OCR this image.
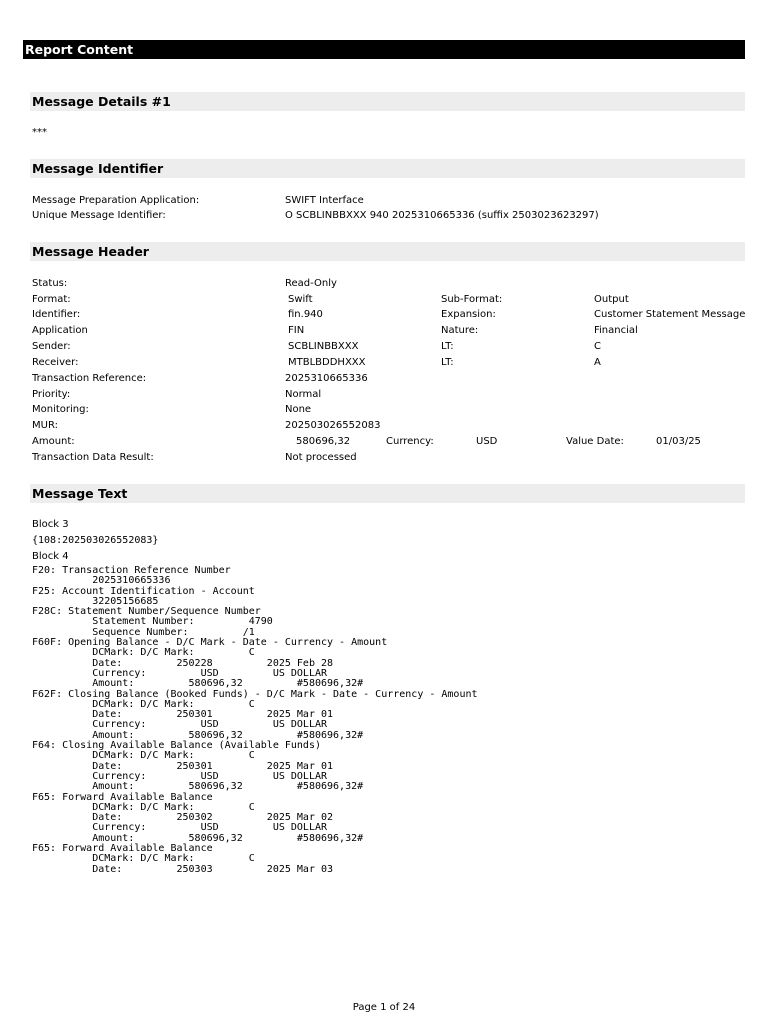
Report Content
Message Details #1
***
Message Identifier
Message Preparation Application:	SWIFT Interface
Unique Message Identifier:	O SCBLINBBXXX 940 2025310665336 (suffix 2503023623297)
Message Header
Status:	Read-Only
Format:	Swift	Sub-Format:	Output
Identifier:	fin.940	Expansion:	Customer Statement Message
Application	FIN	Nature:	Financial
Sender:	SCBLINBBXXX	LT:	C
Receiver:	MTBLBDDHXXX	LT:	A
Transaction Reference:	2025310665336
Priority:	Normal
Monitoring:	None
MUR:	202503026552083
Amount:	580696,32	Currency:	USD	Value Date:	01/03/25
Transaction Data Result:	Not processed
Message Text
Block 3
{108:202503026552083}
Block 4
F20: Transaction Reference Number
2025310665336
F25: Account Identification - Account
32205156685
F28C: Statement Number/Sequence Number
Statement Number:         4790
Sequence Number:         /1
F60F: Opening Balance - D/C Mark - Date - Currency - Amount
DCMark: D/C Mark:         C
Date:         250228         2025 Feb 28
Currency:         USD         US DOLLAR
Amount:         580696,32         #580696,32#
F62F: Closing Balance (Booked Funds) - D/C Mark - Date - Currency - Amount
DCMark: D/C Mark:         C
Date:         250301         2025 Mar 01
Currency:         USD         US DOLLAR
Amount:         580696,32         #580696,32#
F64: Closing Available Balance (Available Funds)
DCMark: D/C Mark:         C
Date:         250301         2025 Mar 01
Currency:         USD         US DOLLAR
Amount:         580696,32         #580696,32#
F65: Forward Available Balance
DCMark: D/C Mark:         C
Date:         250302         2025 Mar 02
Currency:         USD         US DOLLAR
Amount:         580696,32         #580696,32#
F65: Forward Available Balance
DCMark: D/C Mark:         C
Date:         250303         2025 Mar 03
Page 1 of 24
